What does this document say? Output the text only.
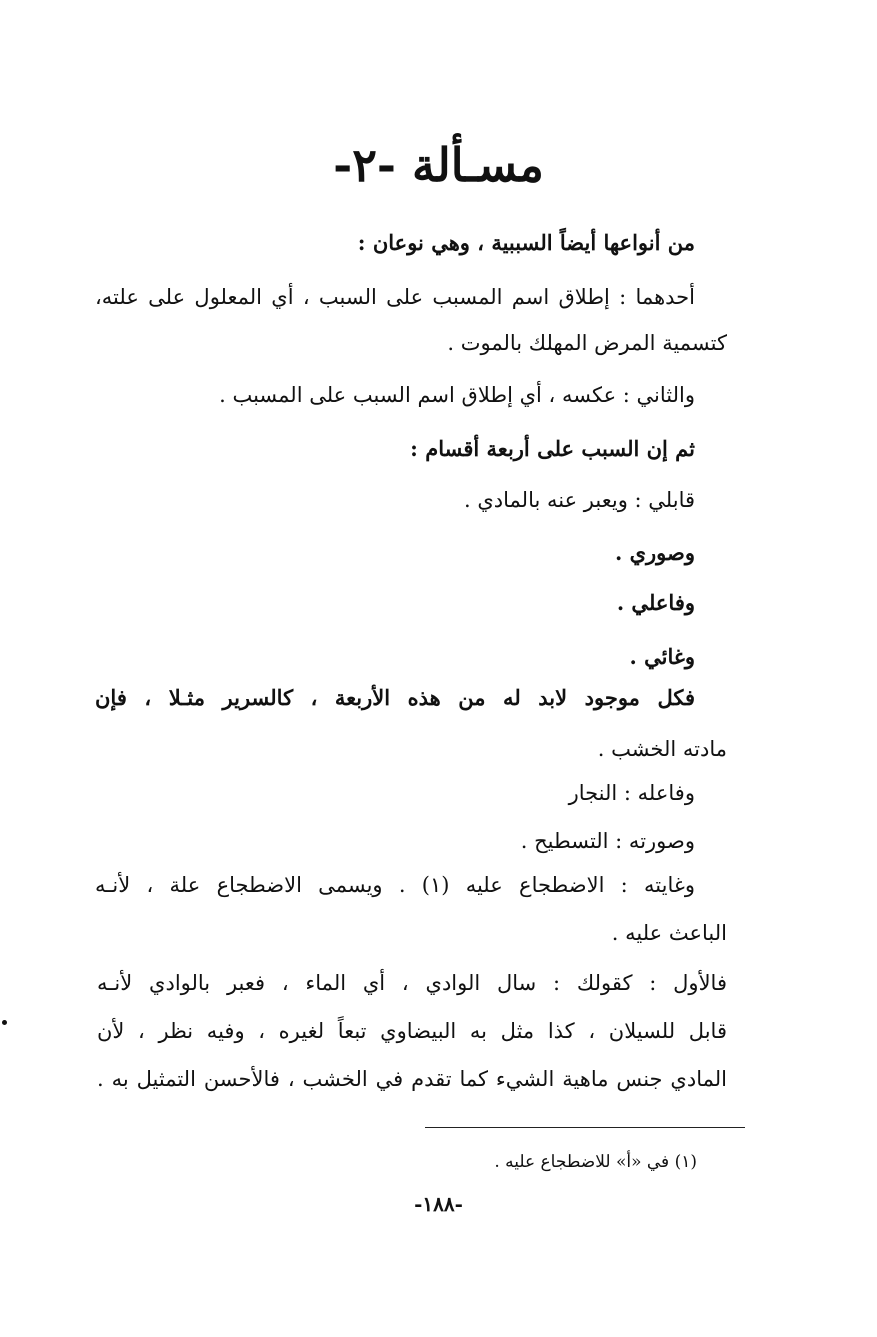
مسـألة -٢-
من أنواعها أيضاً السببية ، وهي نوعان :
أحدهما : إطلاق اسم المسبب على السبب ، أي المعلول على علته،
كتسمية المرض المهلك بالموت .
والثاني : عكسه ، أي إطلاق اسم السبب على المسبب .
ثم إن السبب على أربعة أقسام :
قابلي : ويعبر عنه بالمادي .
وصوري .
وفاعلي .
وغائي .
فكل موجود لابد له من هذه الأربعة ، كالسرير مثـلا ، فإن
مادته الخشب .
وفاعله : النجار
وصورته : التسطيح .
وغايته : الاضطجاع عليه (١) . ويسمى الاضطجاع علة ، لأنـه
الباعث عليه .
فالأول : كقولك : سال الوادي ، أي الماء ، فعبر بالوادي لأنـه
قابل للسيلان ، كذا مثل به البيضاوي تبعاً لغيره ، وفيه نظر ، لأن
المادي جنس ماهية الشيء كما تقدم في الخشب ، فالأحسن التمثيل به .
(١) في «أ» للاضطجاع عليه .
-١٨٨-
